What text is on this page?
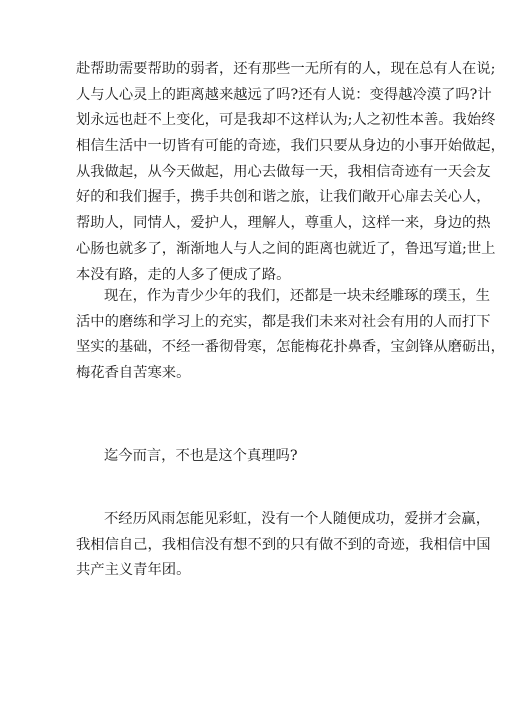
赴帮助需要帮助的弱者，还有那些一无所有的人，现在总有人在说;
人与人心灵上的距离越来越远了吗?还有人说：变得越冷漠了吗?计
划永远也赶不上变化，可是我却不这样认为;人之初性本善。我始终
相信生活中一切皆有可能的奇迹，我们只要从身边的小事开始做起，
从我做起，从今天做起，用心去做每一天，我相信奇迹有一天会友
好的和我们握手，携手共创和谐之旅，让我们敞开心扉去关心人，
帮助人，同情人，爱护人，理解人，尊重人，这样一来，身边的热
心肠也就多了，渐渐地人与人之间的距离也就近了，鲁迅写道;世上
本没有路，走的人多了便成了路。
现在，作为青少少年的我们，还都是一块未经雕琢的璞玉，生
活中的磨练和学习上的充实，都是我们未来对社会有用的人而打下
坚实的基础，不经一番彻骨寒，怎能梅花扑鼻香，宝剑锋从磨砺出，
梅花香自苦寒来。
迄今而言，不也是这个真理吗?
不经历风雨怎能见彩虹，没有一个人随便成功，爱拼才会赢，
我相信自己，我相信没有想不到的只有做不到的奇迹，我相信中国
共产主义青年团。
